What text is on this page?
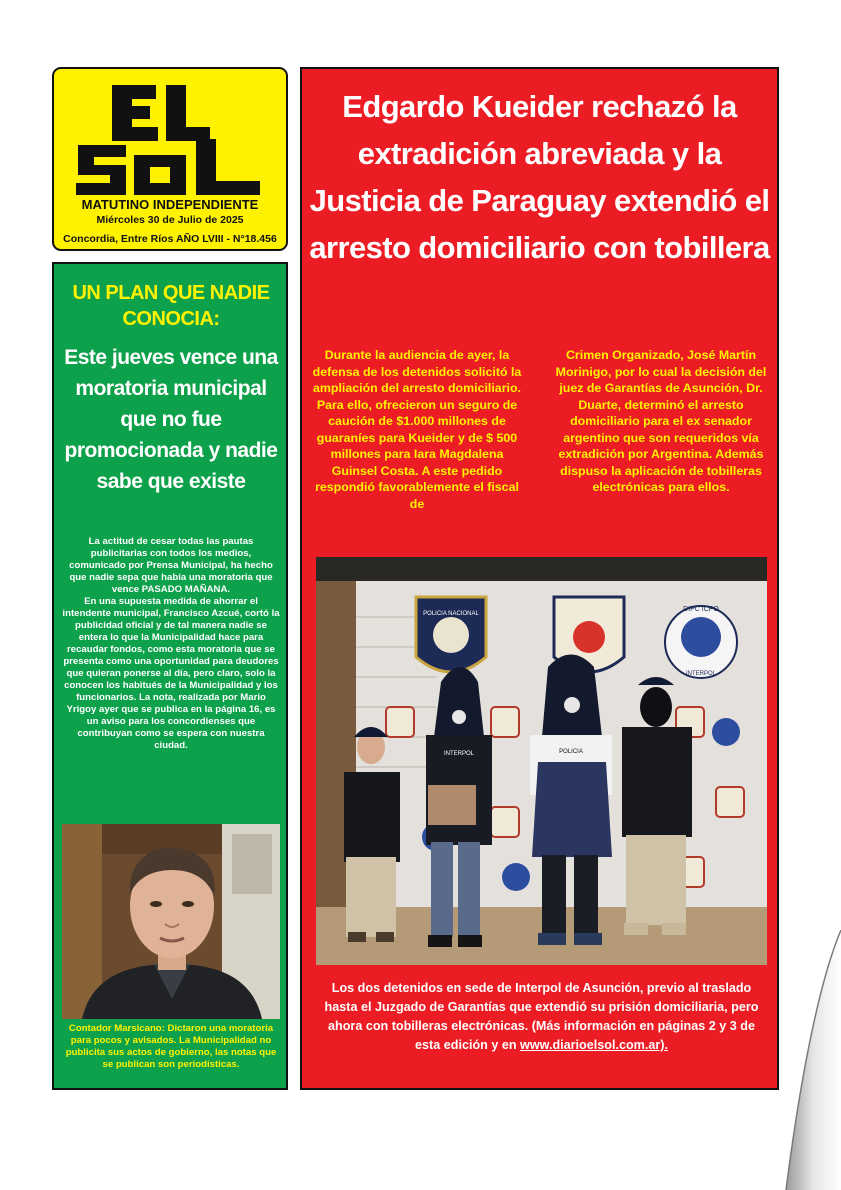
MATUTINO INDEPENDIENTE
Miércoles 30 de Julio de 2025
Concordia, Entre Ríos AÑO LVIII - N°18.456
UN PLAN QUE NADIE CONOCIA:
Este jueves vence una moratoria municipal que no fue promocionada y nadie sabe que existe

La actitud de cesar todas las pautas publicitarias con todos los medios, comunicado por Prensa Municipal, ha hecho que nadie sepa que había una moratoria que vence PASADO MAÑANA.

En una supuesta medida de ahorrar el intendente municipal, Francisco Azcué, cortó la publicidad oficial y de tal manera nadie se entera lo que la Municipalidad hace para recaudar fondos, como esta moratoria que se presenta como una oportunidad para deudores que quieran ponerse al día, pero claro, solo la conocen los habitués de la Municipalidad y los funcionarios. La nota, realizada por Mario Yrigoy ayer que se publica en la página 16, es un aviso para los concordienses que contribuyan como se espera con nuestra ciudad.

Contador Marsicano: Dictaron una moratoria para pocos y avisados. La Municipalidad no publicita sus actos de gobierno, las notas que se publican son periodísticas.
Edgardo Kueider rechazó la extradición abreviada y la Justicia de Paraguay extendió el arresto domiciliario con tobillera
Durante la audiencia de ayer, la defensa de los detenidos solicitó la ampliación del arresto domiciliario. Para ello, ofrecieron un seguro de caución de $1.000 millones de guaraníes para Kueider y de $ 500 millones para Iara Magdalena Guinsel Costa. A este pedido respondió favorablemente el fiscal de
Crimen Organizado, José Martín Morinigo, por lo cual la decisión del juez de Garantías de Asunción, Dr. Duarte, determinó el arresto domiciliario para el ex senador argentino que son requeridos vía extradición por Argentina. Además dispuso la aplicación de tobilleras electrónicas para ellos.
POLICIA NACIONAL
DIPC ICPO
INTERPOL
INTERPOL	POLICIA
Los dos detenidos en sede de Interpol de Asunción, previo al traslado hasta el Juzgado de Garantías que extendió su prisión domiciliaria, pero ahora con tobilleras electrónicas. (Más información en páginas 2 y 3 de esta edición y en www.diarioelsol.com.ar).
